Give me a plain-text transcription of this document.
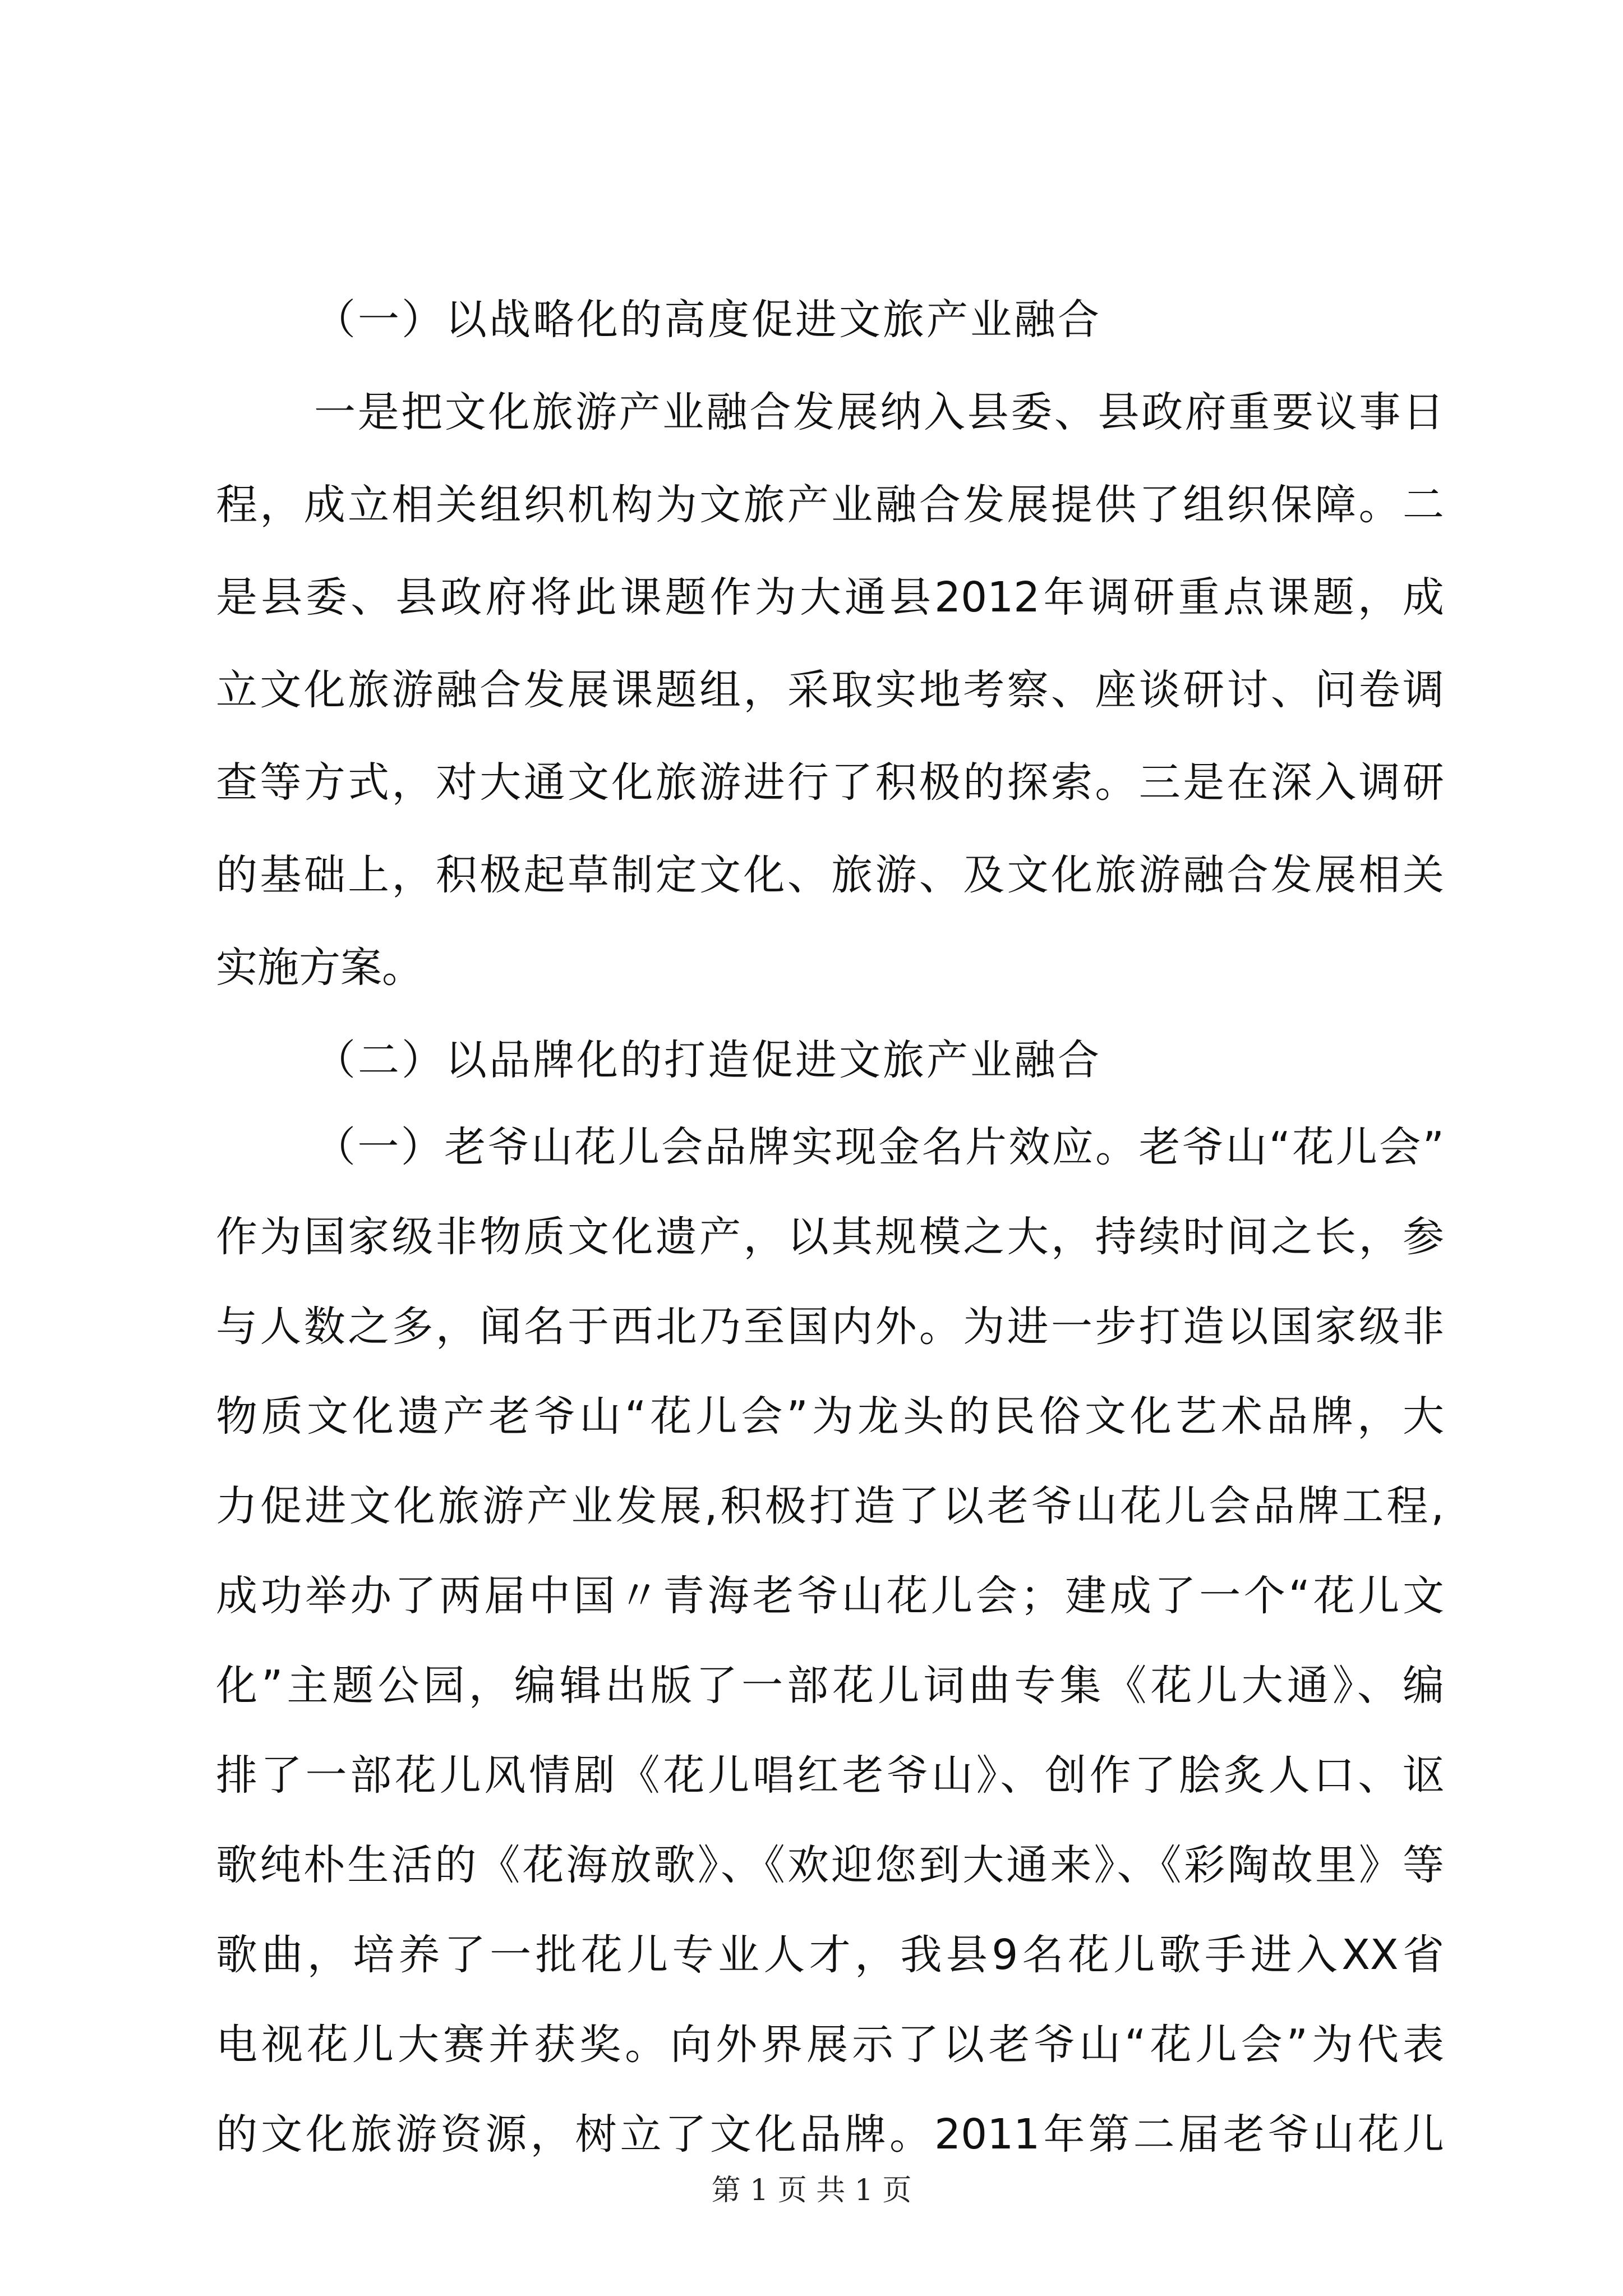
（一）以战略化的高度促进文旅产业融合
一是把文化旅游产业融合发展纳入县委、县政府重要议事日
程，成立相关组织机构为文旅产业融合发展提供了组织保障。二
是县委、县政府将此课题作为大通县2012年调研重点课题，成
立文化旅游融合发展课题组，采取实地考察、座谈研讨、问卷调
查等方式，对大通文化旅游进行了积极的探索。三是在深入调研
的基础上，积极起草制定文化、旅游、及文化旅游融合发展相关
实施方案。
（二）以品牌化的打造促进文旅产业融合
（一）老爷山花儿会品牌实现金名片效应。老爷山“花儿会”
作为国家级非物质文化遗产，以其规模之大，持续时间之长，参
与人数之多，闻名于西北乃至国内外。为进一步打造以国家级非
物质文化遗产老爷山“花儿会”为龙头的民俗文化艺术品牌，大
力促进文化旅游产业发展,积极打造了以老爷山花儿会品牌工程,
成功举办了两届中国〃青海老爷山花儿会；建成了一个“花儿文
化”主题公园，编辑出版了一部花儿词曲专集《花儿大通》、编
排了一部花儿风情剧《花儿唱红老爷山》、创作了脍炙人口、讴
歌纯朴生活的《花海放歌》、《欢迎您到大通来》、《彩陶故里》等
歌曲，培养了一批花儿专业人才，我县9名花儿歌手进入XX省
电视花儿大赛并获奖。向外界展示了以老爷山“花儿会”为代表
的文化旅游资源，树立了文化品牌。2011年第二届老爷山花儿
第 1 页 共 1 页
